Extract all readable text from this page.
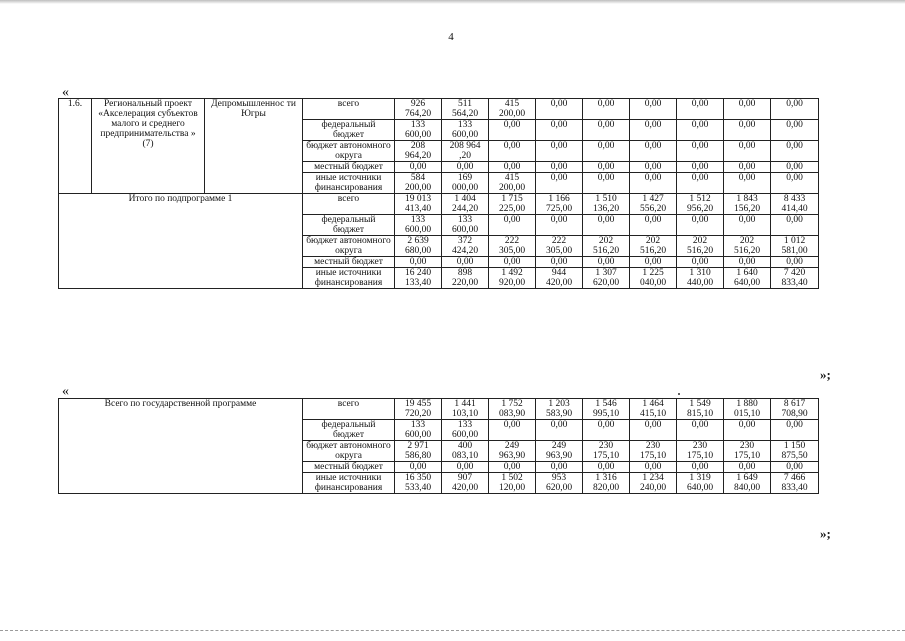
4
«
1.6.	Региональный проект «Акселерация субъектов малого и среднего предпринимательства » (7)	Депромышленнос ти Югры	всего	926 764,20	511 564,20	415 200,00	0,00	0,00	0,00	0,00	0,00	0,00
			федеральный бюджет	133 600,00	133 600,00	0,00	0,00	0,00	0,00	0,00	0,00	0,00
			бюджет автономного округа	208 964,20	208 964 ,20	0,00	0,00	0,00	0,00	0,00	0,00	0,00
			местный бюджет	0,00	0,00	0,00	0,00	0,00	0,00	0,00	0,00	0,00
			иные источники финансирования	584 200,00	169 000,00	415 200,00	0,00	0,00	0,00	0,00	0,00	0,00
Итого по подпрограмме 1			всего	19 013 413,40	1 404 244,20	1 715 225,00	1 166 725,00	1 510 136,20	1 427 556,20	1 512 956,20	1 843 156,20	8 433 414,40
			федеральный бюджет	133 600,00	133 600,00	0,00	0,00	0,00	0,00	0,00	0,00	0,00
			бюджет автономного округа	2 639 680,00	372 424,20	222 305,00	222 305,00	202 516,20	202 516,20	202 516,20	202 516,20	1 012 581,00
			местный бюджет	0,00	0,00	0,00	0,00	0,00	0,00	0,00	0,00	0,00
			иные источники финансирования	16 240 133,40	898 220,00	1 492 920,00	944 420,00	1 307 620,00	1 225 040,00	1 310 440,00	1 640 640,00	7 420 833,40
»;
«
Всего по государственной программе	всего	19 455 720,20	1 441 103,10	1 752 083,90	1 203 583,90	1 546 995,10	1 464 415,10	1 549 815,10	1 880 015,10	8 617 708,90
	федеральный бюджет	133 600,00	133 600,00	0,00	0,00	0,00	0,00	0,00	0,00	0,00
	бюджет автономного округа	2 971 586,80	400 083,10	249 963,90	249 963,90	230 175,10	230 175,10	230 175,10	230 175,10	1 150 875,50
	местный бюджет	0,00	0,00	0,00	0,00	0,00	0,00	0,00	0,00	0,00
	иные источники финансирования	16 350 533,40	907 420,00	1 502 120,00	953 620,00	1 316 820,00	1 234 240,00	1 319 640,00	1 649 840,00	7 466 833,40
»;
